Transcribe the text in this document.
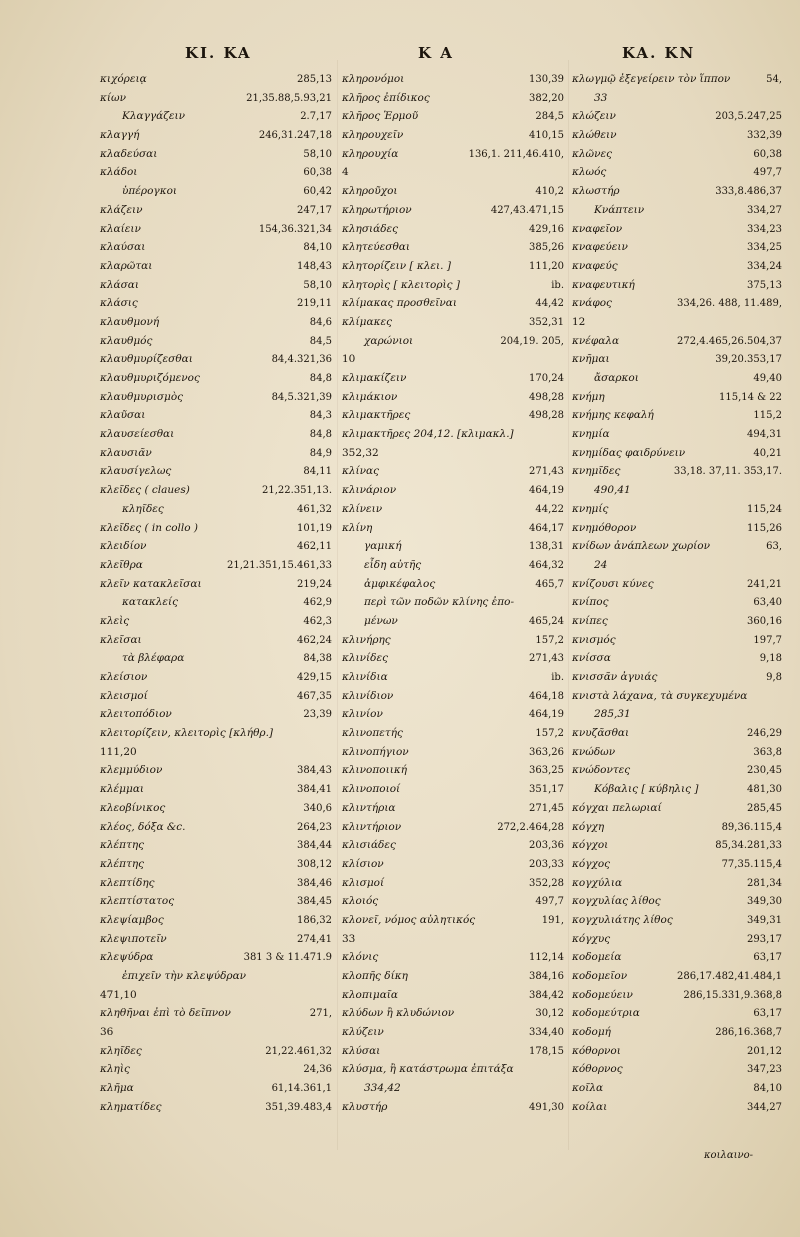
KI. KA	K A	KA. KN
κιχόρειᾳ	285,13
κίων	21,35.88,5.93,21
Κλαγγάζειν	2.7,17
κλαγγή	246,31.247,18
κλαδεύσαι	58,10
κλάδοι	60,38
ὑπέρογκοι	60,42
κλάζειν	247,17
κλαίειν	154,36.321,34
κλαύσαι	84,10
κλαρῶται	148,43
κλάσαι	58,10
κλάσις	219,11
κλαυθμονή	84,6
κλαυθμός	84,5
κλαυθμυρίζεσθαι	84,4.321,36
κλαυθμυριζόμενος	84,8
κλαυθμυρισμὸς	84,5.321,39
κλαῦσαι	84,3
κλαυσείεσθαι	84,8
κλαυσιᾶν	84,9
κλαυσίγελως	84,11
κλεῖδες ( claues)	21,22.351,13.
κληῖδες	461,32
κλεῖδες ( in collo )	101,19
κλειδίον	462,11
κλεῖθρα	21,21.351,15.461,33
κλεῖν κατακλεῖσαι	219,24
κατακλείς	462,9
κλεὶς	462,3
κλεῖσαι	462,24
τὰ βλέφαρα	84,38
κλείσιον	429,15
κλεισμοί	467,35
κλειτοπόδιον	23,39
κλειτορίζειν, κλειτορὶς [κλήθρ.]
111,20
κλεμμύδιον	384,43
κλέμμαι	384,41
κλεοβίνικος	340,6
κλέος, δόξα &c.	264,23
κλέπτης	384,44
κλέπτης	308,12
κλεπτίδης	384,46
κλεπτίστατος	384,45
κλεψίαμβος	186,32
κλεψιποτεῖν	274,41
κλεψύδρα	381 3 & 11.471.9
ἐπιχεῖν τὴν κλεψύδραν
471,10
κληθῆναι ἐπὶ τὸ δεῖπνον	271,
36
κληῖδες	21,22.461,32
κληὶς	24,36
κλῆμα	61,14.361,1
κληματίδες	351,39.483,4
κληρονόμοι	130,39
κλῆρος ἐπίδικος	382,20
κλῆρος Ἑρμοῦ	284,5
κληρουχεῖν	410,15
κληρουχία	136,1. 211,46.410,
4
κληροῦχοι	410,2
κληρωτήριον	427,43.471,15
κλησιάδες	429,16
κλητεύεσθαι	385,26
κλητορίζειν [ κλει. ]	111,20
κλητορὶς [ κλειτορὶς ]	ib.
κλίμακας προσθεῖναι	44,42
κλίμακες	352,31
χαρώνιοι	204,19. 205,
10
κλιμακίζειν	170,24
κλιμάκιον	498,28
κλιμακτῆρες	498,28
κλιμακτῆρες 204,12. [κλιμακλ.]
352,32
κλίνας	271,43
κλινάριον	464,19
κλίνειν	44,22
κλίνη	464,17
γαμική	138,31
εἶδη αὐτῆς	464,32
ἀμφικέφαλος	465,7
περὶ τῶν ποδῶν κλίνης ἐπο-
μένων	465,24
κλινήρης	157,2
κλινίδες	271,43
κλινίδια	ib.
κλινίδιον	464,18
κλινίον	464,19
κλινοπετής	157,2
κλινοπήγιον	363,26
κλινοποιική	363,25
κλινοποιοί	351,17
κλιντήρια	271,45
κλιντήριον	272,2.464,28
κλισιάδες	203,36
κλίσιον	203,33
κλισμοί	352,28
κλοιός	497,7
κλονεῖ, νόμος αὐλητικός	191,
33
κλόνις	112,14
κλοπῆς δίκη	384,16
κλοπιμαῖα	384,42
κλύδων ἢ κλυδώνιον	30,12
κλύζειν	334,40
κλύσαι	178,15
κλύσμα, ἢ κατάστρωμα ἐπιτάξα
334,42
κλυστήρ	491,30
κλωγμῷ ἐξεγείρειν τὸν ἵππον	54,
33
κλώζειν	203,5.247,25
κλώθειν	332,39
κλῶνες	60,38
κλωός	497,7
κλωστήρ	333,8.486,37
Κνάπτειν	334,27
κναφεῖον	334,23
κναφεύειν	334,25
κναφεύς	334,24
κναφευτική	375,13
κνάφος	334,26. 488, 11.489,
12
κνέφαλα	272,4.465,26.504,37
κνῆμαι	39,20.353,17
ἄσαρκοι	49,40
κνήμη	115,14 & 22
κνήμης κεφαλή	115,2
κνημία	494,31
κνημίδας φαιδρύνειν	40,21
κνημῖδες	33,18. 37,11. 353,17.
490,41
κνημίς	115,24
κνημόθορον	115,26
κνίδων ἀνάπλεων χωρίον	63,
24
κνίζουσι κύνες	241,21
κνίπος	63,40
κνίπες	360,16
κνισμός	197,7
κνίσσα	9,18
κνισσᾶν ἀγυιάς	9,8
κνιστὰ λάχανα, τὰ συγκεχυμένα
285,31
κνυζᾶσθαι	246,29
κνώδων	363,8
κνώδοντες	230,45
Κόβαλις [ κύβηλις ]	481,30
κόγχαι πελωριαί	285,45
κόγχη	89,36.115,4
κόγχοι	85,34.281,33
κόγχος	77,35.115,4
κογχύλια	281,34
κογχυλίας λίθος	349,30
κογχυλιάτης λίθος	349,31
κόγχυς	293,17
κοδομεία	63,17
κοδομεῖον	286,17.482,41.484,1
κοδομεύειν	286,15.331,9.368,8
κοδομεύτρια	63,17
κοδομή	286,16.368,7
κόθορνοι	201,12
κόθορνος	347,23
κοῖλα	84,10
κοίλαι	344,27
κοιλαινο-
